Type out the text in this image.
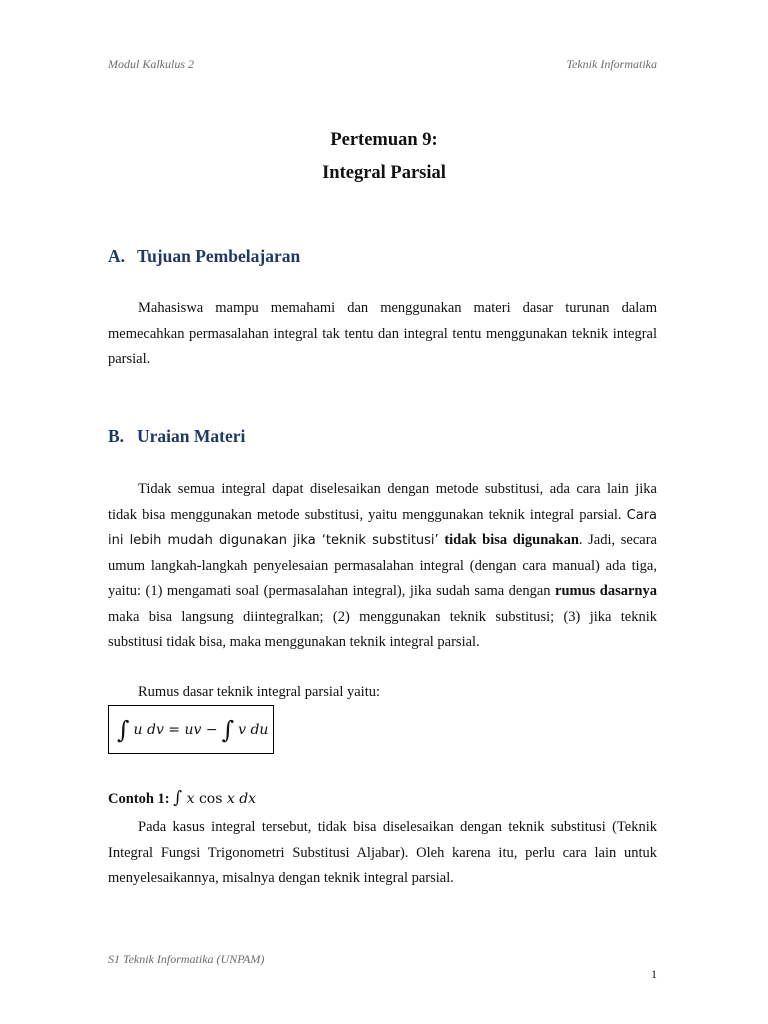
Modul Kalkulus 2	Teknik Informatika
Pertemuan 9:
Integral Parsial
A. Tujuan Pembelajaran

Mahasiswa mampu memahami dan menggunakan materi dasar turunan dalam memecahkan permasalahan integral tak tentu dan integral tentu menggunakan teknik integral parsial.

B. Uraian Materi

Tidak semua integral dapat diselesaikan dengan metode substitusi, ada cara lain jika tidak bisa menggunakan metode substitusi, yaitu menggunakan teknik integral parsial. Cara ini lebih mudah digunakan jika ‘teknik substitusi’ tidak bisa digunakan. Jadi, secara umum langkah-langkah penyelesaian permasalahan integral (dengan cara manual) ada tiga, yaitu: (1) mengamati soal (permasalahan integral), jika sudah sama dengan rumus dasarnya maka bisa langsung diintegralkan; (2) menggunakan teknik substitusi; (3) jika teknik substitusi tidak bisa, maka menggunakan teknik integral parsial.

Rumus dasar teknik integral parsial yaitu:

∫ u dv = uv − ∫ v du
Contoh 1: ∫ x cos x dx

Pada kasus integral tersebut, tidak bisa diselesaikan dengan teknik substitusi (Teknik Integral Fungsi Trigonometri Substitusi Aljabar). Oleh karena itu, perlu cara lain untuk menyelesaikannya, misalnya dengan teknik integral parsial.

S1 Teknik Informatika (UNPAM)
1
